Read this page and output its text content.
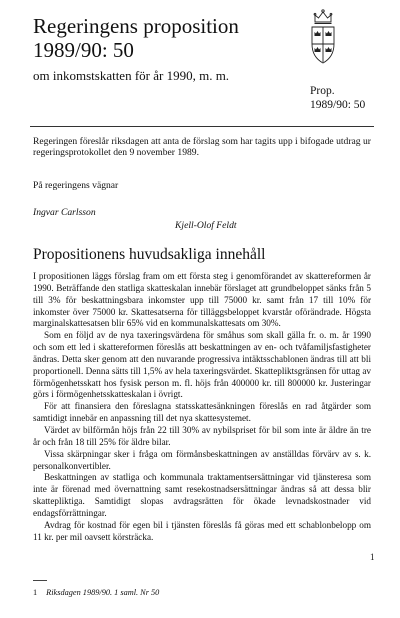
Regeringens proposition
1989/90: 50
om inkomstskatten för år 1990, m. m.
Prop.
1989/90: 50
Regeringen föreslår riksdagen att anta de förslag som har tagits upp i bifogade utdrag ur regeringsprotokollet den 9 november 1989.
På regeringens vägnar
Ingvar Carlsson
Kjell-Olof Feldt
Propositionens huvudsakliga innehåll

I propositionen läggs förslag fram om ett första steg i genomförandet av skattereformen år 1990. Beträffande den statliga skatteskalan innebär förslaget att grundbeloppet sänks från 5 till 3% för beskattningsbara inkomster upp till 75000 kr. samt från 17 till 10% för inkomster över 75000 kr. Skattesatserna för tilläggsbeloppet kvarstår oförändrade. Högsta marginalskattesatsen blir 65% vid en kommunalskattesats om 30%.

Som en följd av de nya taxeringsvärdena för småhus som skall gälla fr. o. m. år 1990 och som ett led i skattereformen föreslås att beskattningen av en- och tvåfamiljsfastigheter ändras. Detta sker genom att den nuvarande progressiva intäktsschablonen ändras till att bli proportionell. Denna sätts till 1,5% av hela taxeringsvärdet. Skattepliktsgränsen för uttag av förmögenhetsskatt hos fysisk person m. fl. höjs från 400000 kr. till 800000 kr. Justeringar görs i förmögenhetsskatteskalan i övrigt.

För att finansiera den föreslagna statsskattesänkningen föreslås en rad åtgärder som samtidigt innebär en anpassning till det nya skattesystemet.

Värdet av bilförmån höjs från 22 till 30% av nybilspriset för bil som inte är äldre än tre år och från 18 till 25% för äldre bilar.

Vissa skärpningar sker i fråga om förmånsbeskattningen av anställdas förvärv av s. k. personalkonvertibler.

Beskattningen av statliga och kommunala traktamentsersättningar vid tjänsteresa som inte är förenad med övernattning samt resekostnadsersättningar ändras så att dessa blir skattepliktiga. Samtidigt slopas avdragsrätten för ökade levnadskostnader vid endagsförrättningar.

Avdrag för kostnad för egen bil i tjänsten föreslås få göras med ett schablonbelopp om 11 kr. per mil oavsett körsträcka.

1
1 Riksdagen 1989/90. 1 saml. Nr 50
